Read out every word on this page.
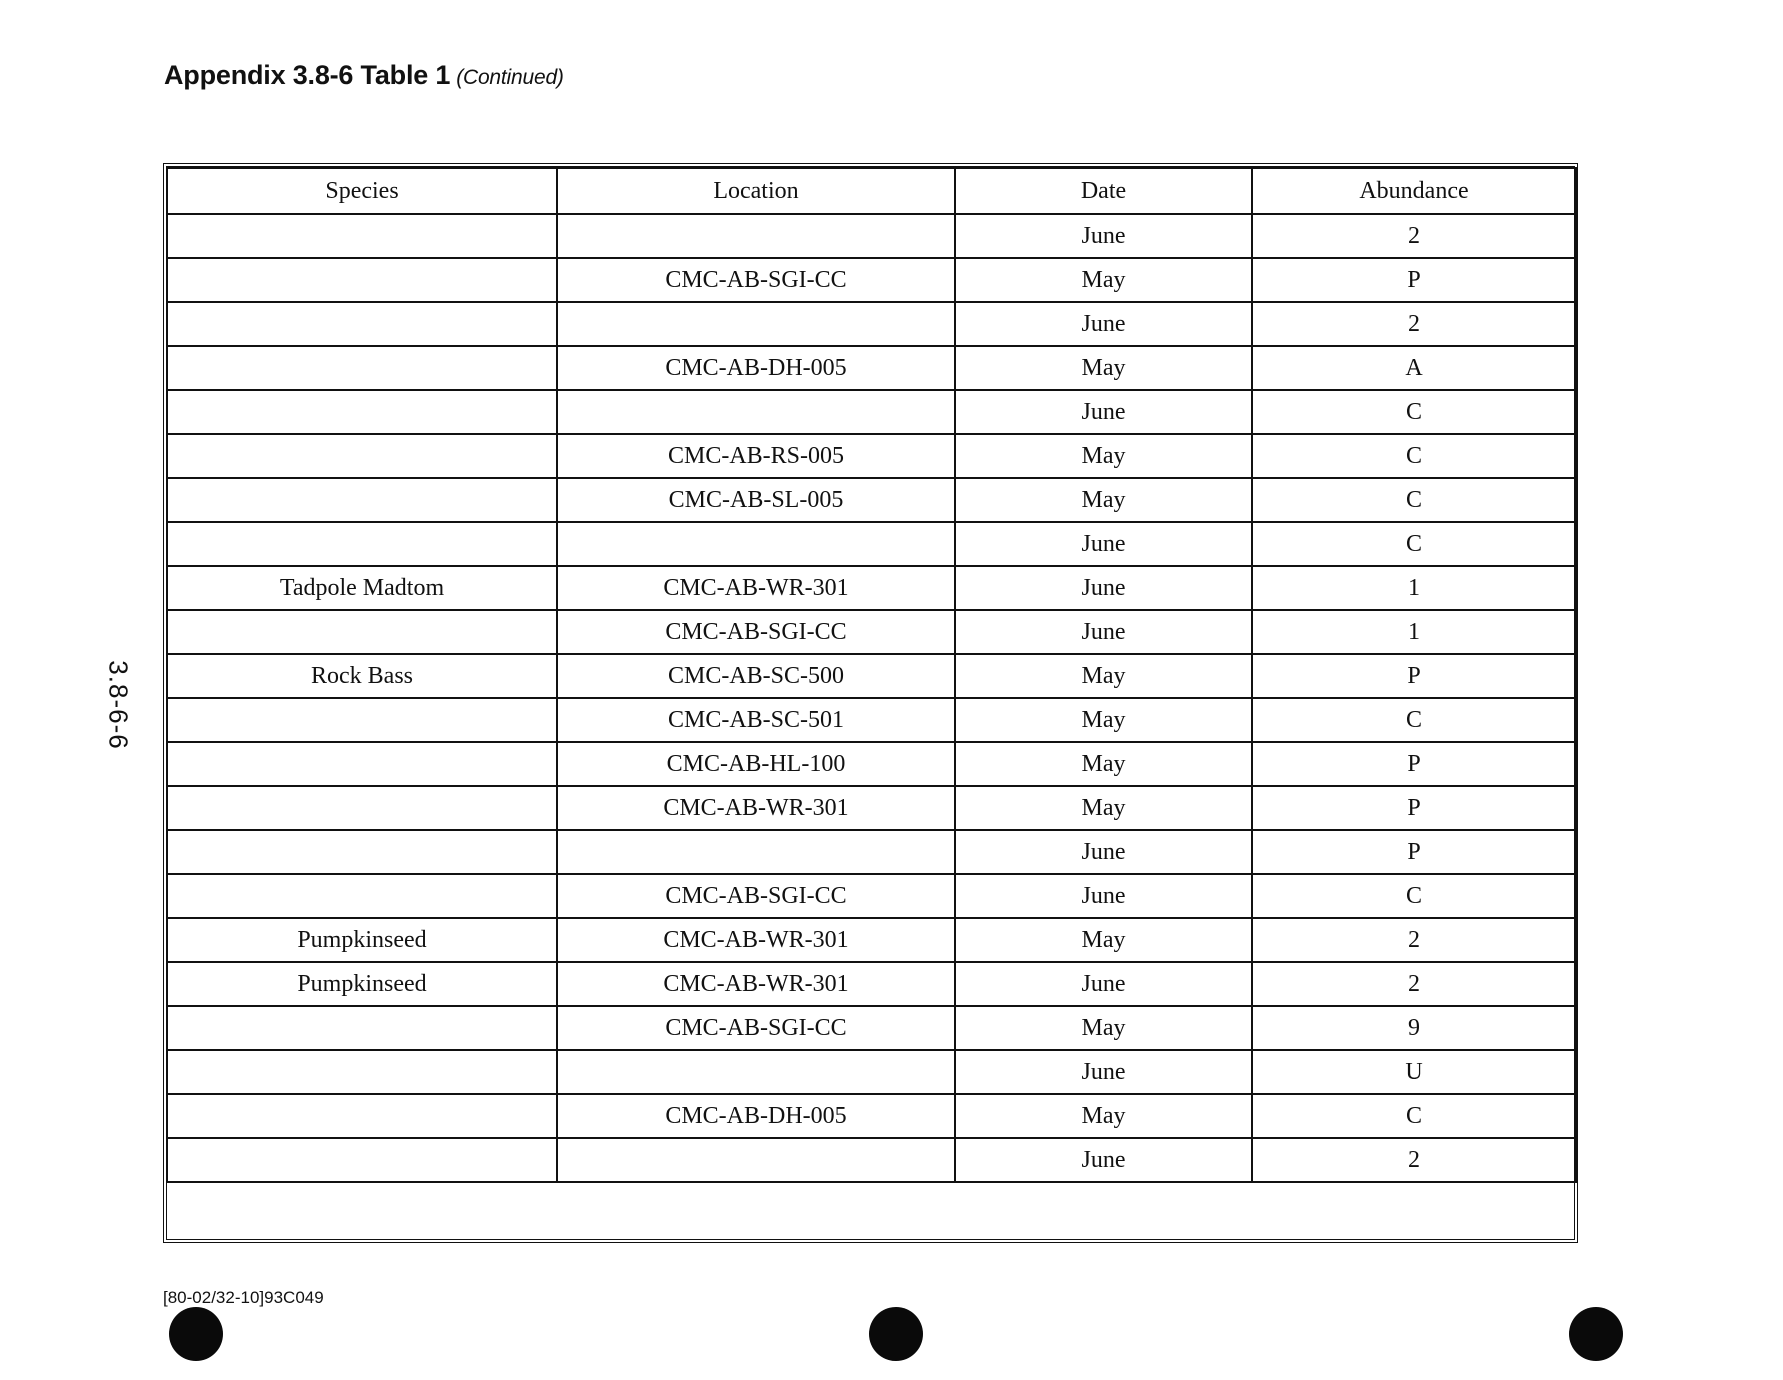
Appendix 3.8-6 Table 1 (Continued)
3.8-6-6
Species	Location	Date	Abundance
		June	2
	CMC-AB-SGI-CC	May	P
		June	2
	CMC-AB-DH-005	May	A
		June	C
	CMC-AB-RS-005	May	C
	CMC-AB-SL-005	May	C
		June	C
Tadpole Madtom	CMC-AB-WR-301	June	1
	CMC-AB-SGI-CC	June	1
Rock Bass	CMC-AB-SC-500	May	P
	CMC-AB-SC-501	May	C
	CMC-AB-HL-100	May	P
	CMC-AB-WR-301	May	P
		June	P
	CMC-AB-SGI-CC	June	C
Pumpkinseed	CMC-AB-WR-301	May	2
Pumpkinseed	CMC-AB-WR-301	June	2
	CMC-AB-SGI-CC	May	9
		June	U
	CMC-AB-DH-005	May	C
		June	2
[80-02/32-10]93C049
